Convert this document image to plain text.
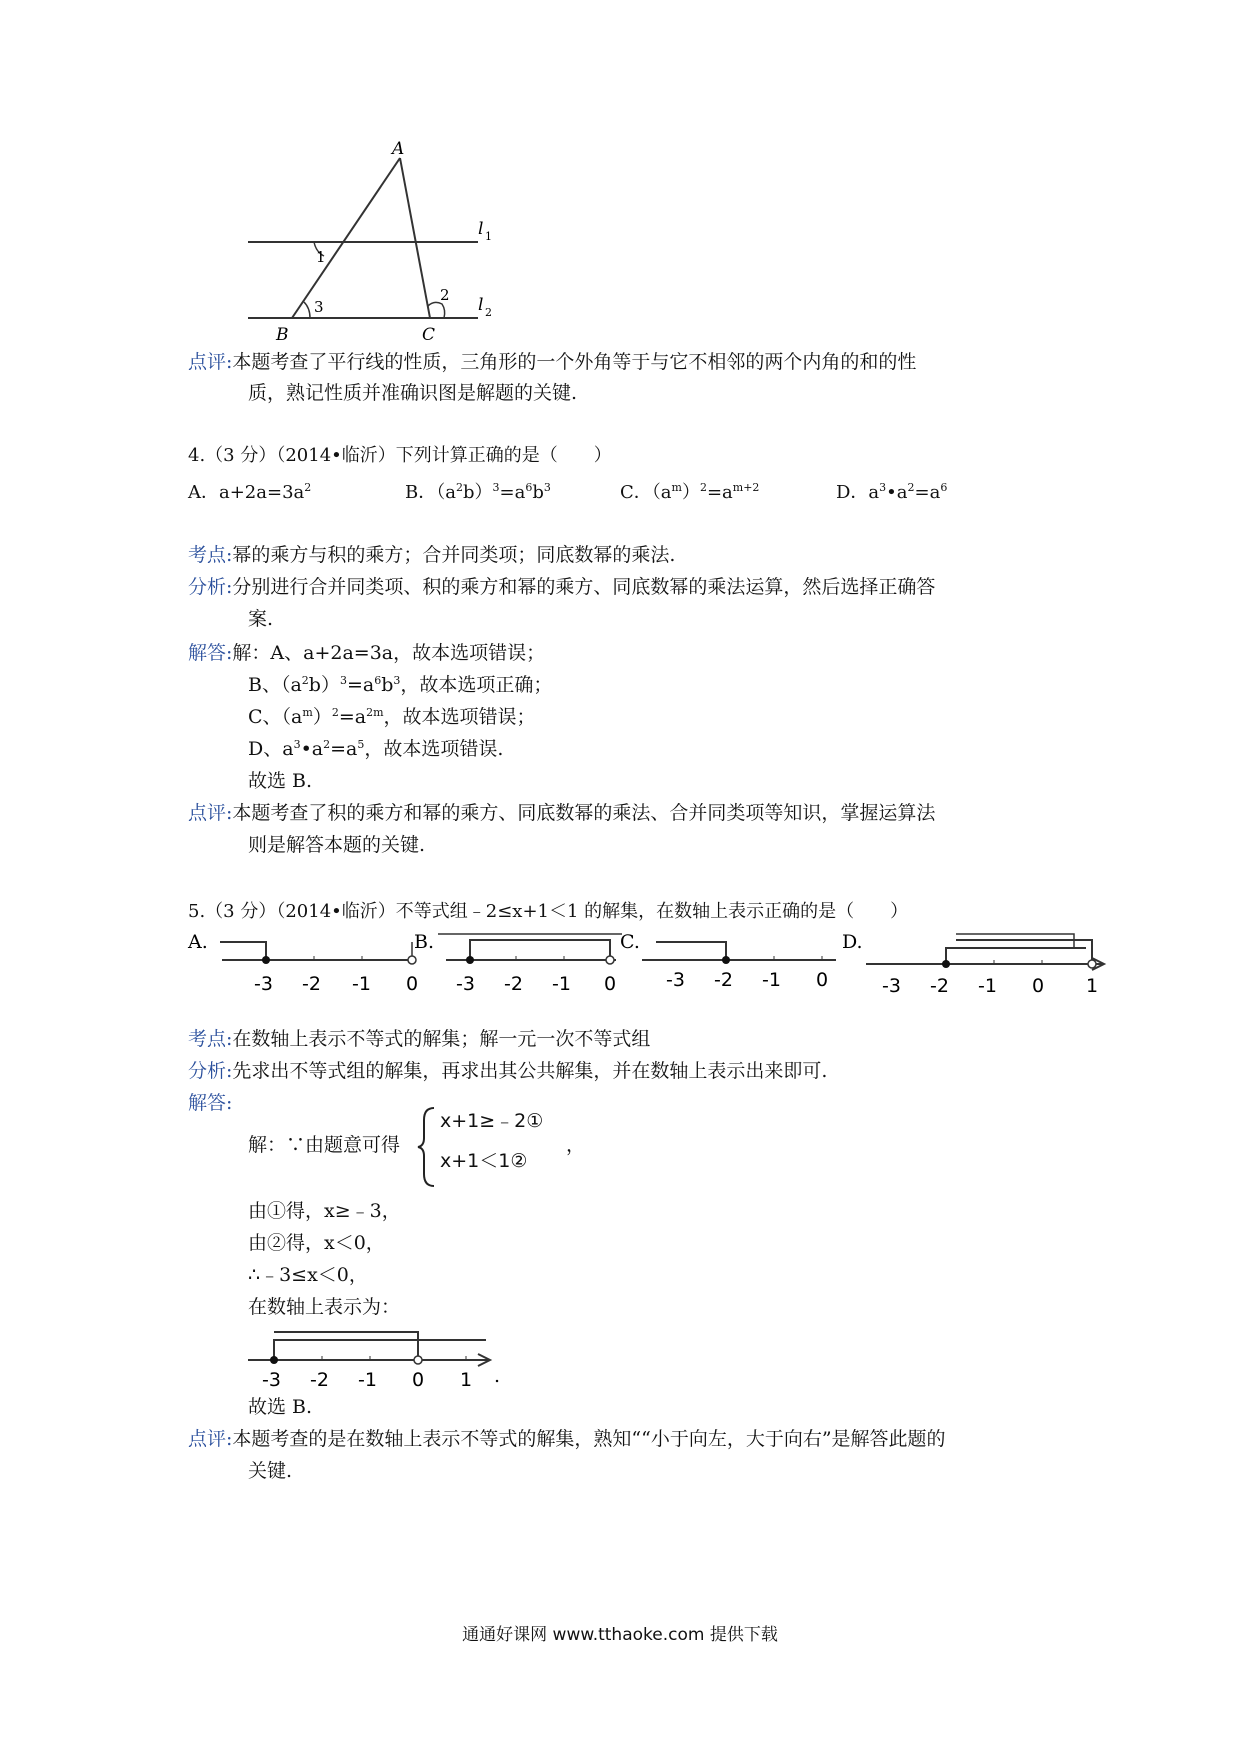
A
B	C
l 1
l 2
1
2
3
点评:本题考查了平行线的性质，三角形的一个外角等于与它不相邻的两个内角的和的性
质，熟记性质并准确识图是解题的关键.
4.（3 分）（2014•临沂）下列计算正确的是（　　）
A．$a+2a=3a^2$	B．$(a^2b)^3=a^6b^3$	C．$(a^m)^2=a^{m+2}$	D．$a^3•a^2=a^6$
考点:幂的乘方与积的乘方；合并同类项；同底数幂的乘法.
分析:分别进行合并同类项、积的乘方和幂的乘方、同底数幂的乘法运算，然后选择正确答
案.
解答:解：A、a+2a=3a，故本选项错误；
B、$(a^2b)^3=a^6b^3$，故本选项正确；
C、$(a^m)^2=a^{2m}$，故本选项错误；
D、$a^3•a^2=a^5$，故本选项错误.
故选 B.
点评:本题考查了积的乘方和幂的乘方、同底数幂的乘法、合并同类项等知识，掌握运算法
则是解答本题的关键.
5.（3 分）（2014•临沂）不等式组﹣2≤x+1＜1 的解集，在数轴上表示正确的是（　　）
A.
-3 -2 -1 0
B.
-3 -2 -1 0
C.
-3 -2 -1 0
D.
-3 -2 -1 0 1
考点:在数轴上表示不等式的解集；解一元一次不等式组
分析:先求出不等式组的解集，再求出其公共解集，并在数轴上表示出来即可.
解答:
解：∵由题意可得
x+1≥﹣2①
x+1＜1②
，
由①得，x≥﹣3，
由②得，x＜0，
∴﹣3≤x＜0，
在数轴上表示为：
-3 -2 -1 0 1 .
故选 B.
点评:本题考查的是在数轴上表示不等式的解集，熟知““小于向左，大于向右”是解答此题的
关键.
通通好课网 www.tthaoke.com 提供下载
